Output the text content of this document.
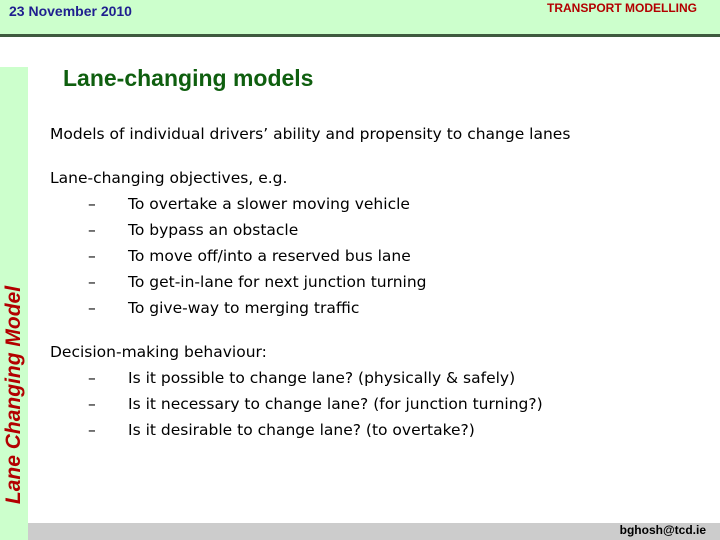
23 November 2010	TRANSPORT MODELLING
Lane Changing Model
Lane-changing models

Models of individual drivers’ ability and propensity to change lanes

Lane-changing objectives, e.g.

– To overtake a slower moving vehicle

– To bypass an obstacle

– To move off/into a reserved bus lane

– To get-in-lane for next junction turning

– To give-way to merging traffic

Decision-making behaviour:

– Is it possible to change lane? (physically & safely)

– Is it necessary to change lane? (for junction turning?)

– Is it desirable to change lane? (to overtake?)

bghosh@tcd.ie
